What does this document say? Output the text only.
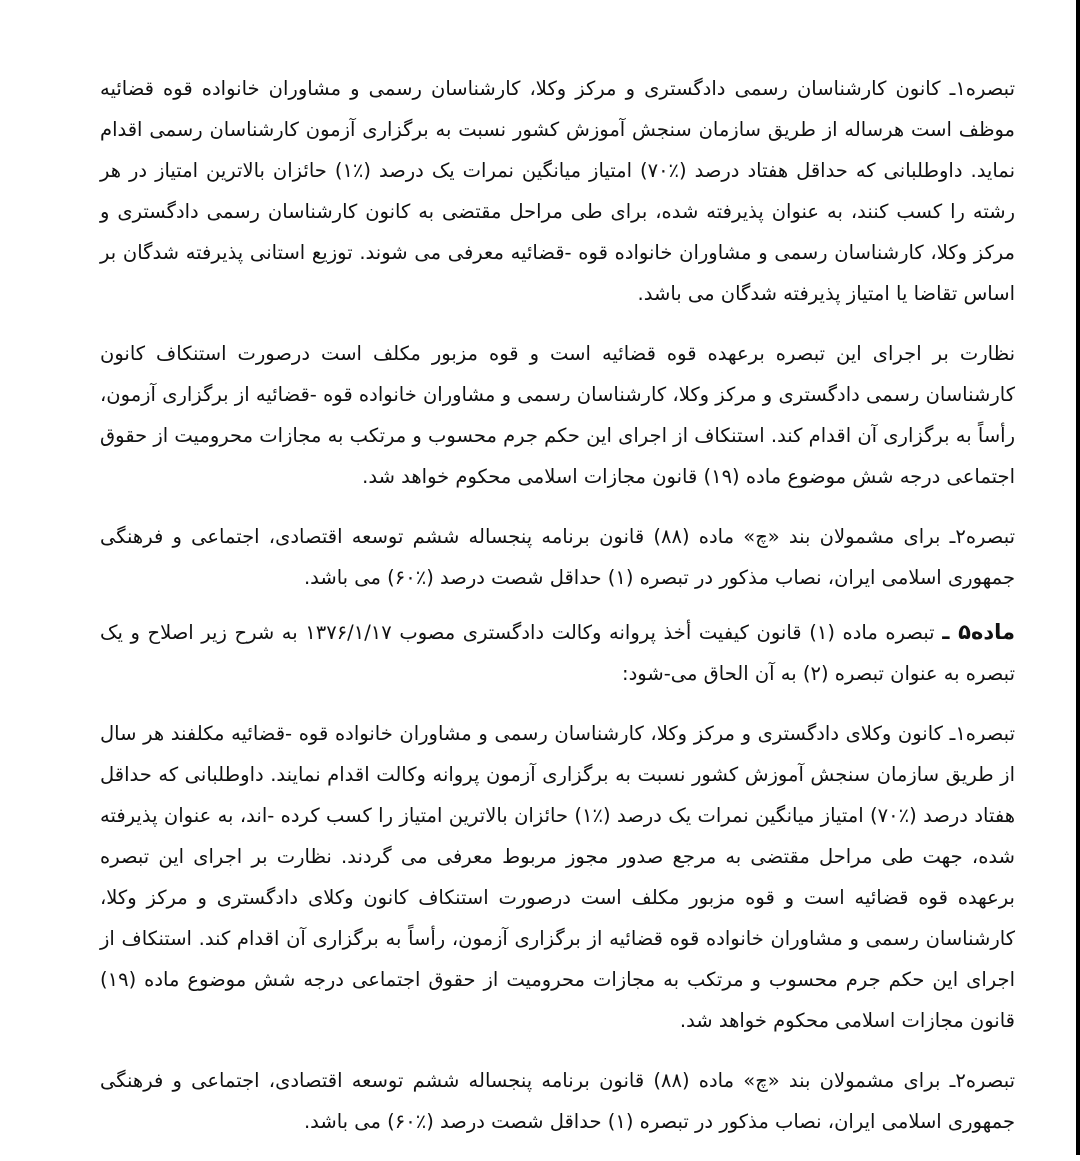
تبصره۱ـ کانون کارشناسان رسمی دادگستری و مرکز وکلا، کارشناسان رسمی و مشاوران خانواده قوه قضائیه موظف است هرساله از طریق سازمان سنجش آموزش کشور نسبت به برگزاری آزمون کارشناسان رسمی اقدام نماید. داوطلبانی که حداقل هفتاد درصد (٪۷۰) امتیاز میانگین نمرات یک درصد (٪۱) حائزان بالاترین امتیاز در هر رشته را کسب کنند، به عنوان پذیرفته شده، برای طی مراحل مقتضی به کانون کارشناسان رسمی دادگستری و مرکز وکلا، کارشناسان رسمی و مشاوران خانواده قوه -قضائیه معرفی می شوند. توزیع استانی پذیرفته شدگان بر اساس تقاضا یا امتیاز پذیرفته شدگان می باشد.

نظارت بر اجرای این تبصره برعهده قوه قضائیه است و قوه مزبور مکلف است درصورت استنکاف کانون کارشناسان رسمی دادگستری و مرکز وکلا، کارشناسان رسمی و مشاوران خانواده قوه -قضائیه از برگزاری آزمون، رأساً به برگزاری آن اقدام کند. استنکاف از اجرای این حکم جرم محسوب و مرتکب به مجازات محرومیت از حقوق اجتماعی درجه شش موضوع ماده (۱۹) قانون مجازات اسلامی محکوم خواهد شد.

تبصره۲ـ برای مشمولان بند «چ» ماده (۸۸) قانون برنامه پنجساله ششم توسعه اقتصادی، اجتماعی و فرهنگی جمهوری اسلامی ایران، نصاب مذکور در تبصره (۱) حداقل شصت درصد (٪۶۰) می باشد.

ماده۵ ـ تبصره ماده (۱) قانون کیفیت أخذ پروانه وکالت دادگستری مصوب ۱۳۷۶/۱/۱۷ به شرح زیر اصلاح و یک تبصره به عنوان تبصره (۲) به آن الحاق می-شود:

تبصره۱ـ کانون وکلای دادگستری و مرکز وکلا، کارشناسان رسمی و مشاوران خانواده قوه -قضائیه مکلفند هر سال از طریق سازمان سنجش آموزش کشور نسبت به برگزاری آزمون پروانه وکالت اقدام نمایند. داوطلبانی که حداقل هفتاد درصد (٪۷۰) امتیاز میانگین نمرات یک درصد (٪۱) حائزان بالاترین امتیاز را کسب کرده -اند، به عنوان پذیرفته شده، جهت طی مراحل مقتضی به مرجع صدور مجوز مربوط معرفی می گردند. نظارت بر اجرای این تبصره برعهده قوه قضائیه است و قوه مزبور مکلف است درصورت استنکاف کانون وکلای دادگستری و مرکز وکلا، کارشناسان رسمی و مشاوران خانواده قوه قضائیه از برگزاری آزمون، رأساً به برگزاری آن اقدام کند. استنکاف از اجرای این حکم جرم محسوب و مرتکب به مجازات محرومیت از حقوق اجتماعی درجه شش موضوع ماده (۱۹) قانون مجازات اسلامی محکوم خواهد شد.

تبصره۲ـ برای مشمولان بند «چ» ماده (۸۸) قانون برنامه پنجساله ششم توسعه اقتصادی، اجتماعی و فرهنگی جمهوری اسلامی ایران، نصاب مذکور در تبصره (۱) حداقل شصت درصد (٪۶۰) می باشد.
